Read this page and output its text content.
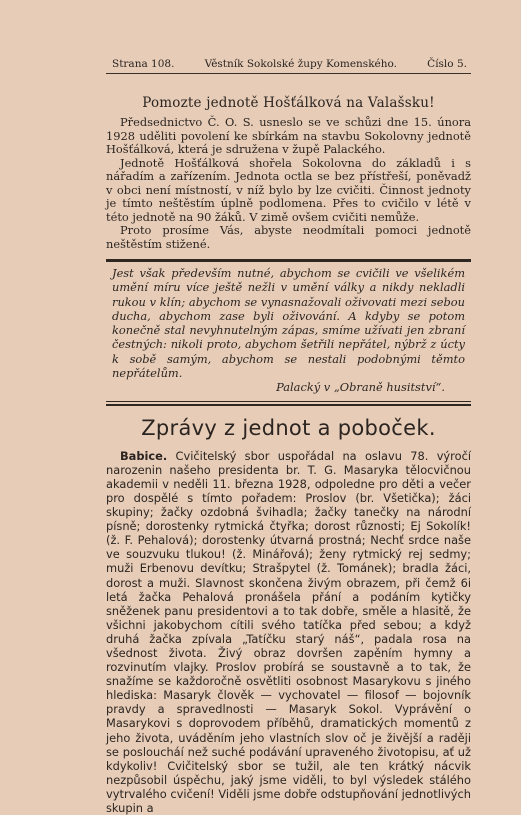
Strana 108.	Věstník Sokolské župy Komenského.	Číslo 5.
Pomozte jednotě Hošťálková na Valašsku!

Předsednictvo Č. O. S. usneslo se ve schůzi dne 15. února 1928 uděliti povolení ke sbírkám na stavbu Sokolovny jednotě Hošťálková, která je sdružena v župě Palackého.

Jednotě Hošťálková shořela Sokolovna do základů i s nářadím a zařízením. Jednota octla se bez přístřeší, poněvadž v obci není místností, v níž bylo by lze cvičiti. Činnost jednoty je tímto neštěstím úplně podlomena. Přes to cvičilo v létě v této jednotě na 90 žáků. V zimě ovšem cvičiti nemůže.

Proto prosíme Vás, abyste neodmítali pomoci jednotě neštěstím stižené.

Jest však především nutné, abychom se cvičili ve všelikém umění míru více ještě nežli v umění války a nikdy nekladli rukou v klín; abychom se vynasnažovali oživovati mezi sebou ducha, abychom zase byli oživování. A kdyby se potom konečně stal nevyhnutelným zápas, smíme užívati jen zbraní čestných: nikoli proto, abychom šetřili nepřátel, nýbrž z úcty k sobě samým, abychom se nestali podobnými těmto nepřátelům.
Palacký v „Obraně husitství“.
Zprávy z jednot a poboček.

Babice. Cvičitelský sbor uspořádal na oslavu 78. výročí narozenin našeho presidenta br. T. G. Masaryka tělocvičnou akademii v neděli 11. března 1928, odpoledne pro děti a večer pro dospělé s tímto pořadem: Proslov (br. Všetička); žáci skupiny; žačky ozdobná švihadla; žačky tanečky na národní písně; dorostenky rytmická čtyřka; dorost různosti; Ej Sokolík! (ž. F. Pehalová); dorostenky útvarná prostná; Nechť srdce naše ve souzvuku tlukou! (ž. Minářová); ženy rytmický rej sedmy; muži Erbenovu devítku; Strašpytel (ž. Tománek); bradla žáci, dorost a muži. Slavnost skončena živým obrazem, při čemž 6i letá žačka Pehalová pronášela přání a podáním kytičky sněženek panu presidentovi a to tak dobře, směle a hlasitě, že všichni jakobychom cítili svého tatíčka před sebou; a když druhá žačka zpívala „Tatíčku starý náš“, padala rosa na všednost života. Živý obraz dovršen zapěním hymny a rozvinutím vlajky. Proslov probírá se soustavně a to tak, že snažíme se každoročně osvětliti osobnost Masarykovu s jiného hlediska: Masaryk člověk — vychovatel — filosof — bojovník pravdy a spravedlnosti — Masaryk Sokol. Vyprávění o Masarykovi s doprovodem příběhů, dramatických momentů z jeho života, uváděním jeho vlastních slov oč je živější a raději se posloucháí než suché podávání upraveného životopisu, ať už kdykoliv! Cvičitelský sbor se tužil, ale ten krátký nácvik nezpůsobil úspěchu, jaký jsme viděli, to byl výsledek stálého vytrvalého cvičení! Viděli jsme dobře odstupňování jednotlivých skupin a
